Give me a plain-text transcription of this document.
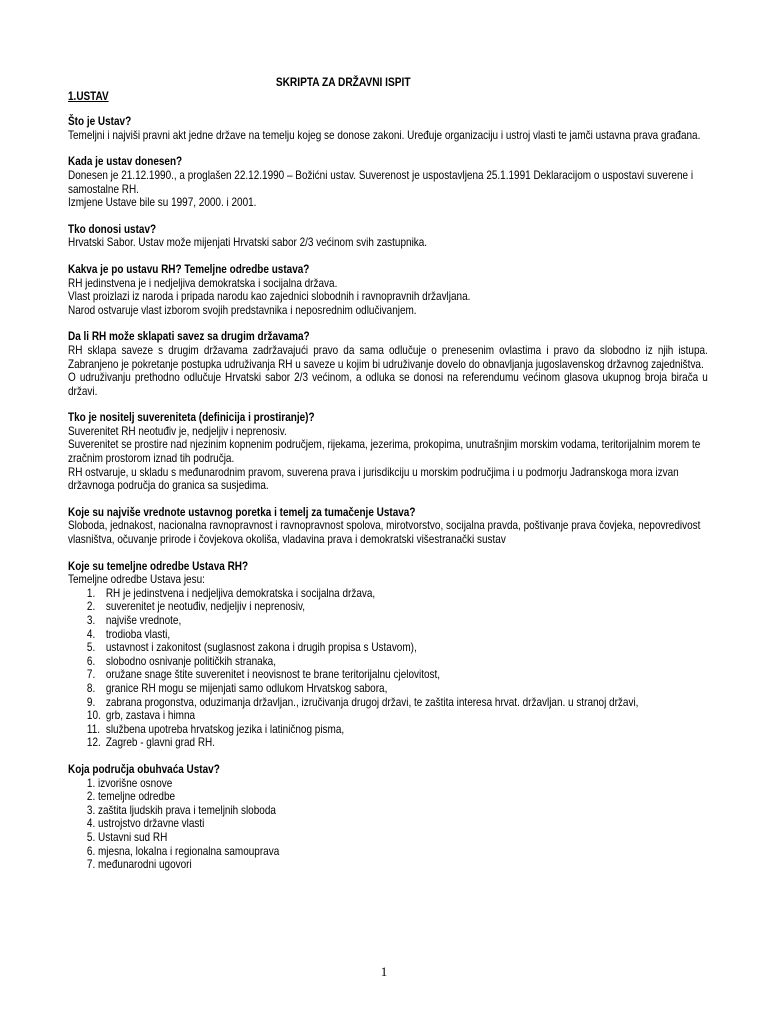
SKRIPTA ZA DRŽAVNI ISPIT
1.USTAV
Što je Ustav?
Temeljni i najviši pravni akt jedne države na temelju kojeg se donose zakoni. Uređuje organizaciju i ustroj vlasti te jamči ustavna prava građana.
Kada je ustav donesen?
Donesen je 21.12.1990., a proglašen 22.12.1990 – Božićni ustav. Suverenost je uspostavljena 25.1.1991 Deklaracijom o uspostavi suverene i samostalne RH.
Izmjene Ustave bile su 1997, 2000. i 2001.
Tko donosi ustav?
Hrvatski Sabor. Ustav može mijenjati Hrvatski sabor 2/3 većinom svih zastupnika.
Kakva je po ustavu RH? Temeljne odredbe ustava?
RH jedinstvena je i nedjeljiva demokratska i socijalna država.
Vlast proizlazi iz naroda i pripada narodu kao zajednici slobodnih i ravnopravnih državljana.
Narod ostvaruje vlast izborom svojih predstavnika i neposrednim odlučivanjem.
Da li RH može sklapati savez sa drugim državama?
RH sklapa saveze s drugim državama zadržavajući pravo da sama odlučuje o prenesenim ovlastima i pravo da slobodno iz njih istupa. Zabranjeno je pokretanje postupka udruživanja RH u saveze u kojim bi udruživanje dovelo do obnavljanja jugoslavenskog državnog zajedništva.
O udruživanju prethodno odlučuje Hrvatski sabor 2/3 većinom, a odluka se donosi na referendumu većinom glasova ukupnog broja birača u državi.
Tko je nositelj suvereniteta (definicija i prostiranje)?
Suverenitet RH neotuđiv je, nedjeljiv i neprenosiv.
Suverenitet se prostire nad njezinim kopnenim područjem, rijekama, jezerima, prokopima, unutrašnjim morskim vodama, teritorijalnim morem te zračnim prostorom iznad tih područja.
RH ostvaruje, u skladu s međunarodnim pravom, suverena prava i jurisdikciju u morskim područjima i u podmorju Jadranskoga mora izvan državnoga područja do granica sa susjedima.
Koje su najviše vrednote ustavnog poretka i temelj za tumačenje Ustava?
Sloboda, jednakost, nacionalna ravnopravnost i ravnopravnost spolova, mirotvorstvo, socijalna pravda, poštivanje prava čovjeka, nepovredivost vlasništva, očuvanje prirode i čovjekova okoliša, vladavina prava i demokratski višestranački sustav
Koje su temeljne odredbe Ustava RH?
Temeljne odredbe Ustava jesu:
1. RH je jedinstvena i nedjeljiva demokratska i socijalna država,
2. suverenitet je neotuđiv, nedjeljiv i neprenosiv,
3. najviše vrednote,
4. trodioba vlasti,
5. ustavnost i zakonitost (suglasnost zakona i drugih propisa s Ustavom),
6. slobodno osnivanje političkih stranaka,
7. oružane snage štite suverenitet i neovisnost te brane teritorijalnu cjelovitost,
8. granice RH mogu se mijenjati samo odlukom Hrvatskog sabora,
9. zabrana progonstva, oduzimanja državljan., izručivanja drugoj državi, te zaštita interesa hrvat. državljan. u stranoj državi,
10. grb, zastava i himna
11. službena upotreba hrvatskog jezika i latiničnog pisma,
12. Zagreb - glavni grad RH.
Koja područja obuhvaća Ustav?
1. izvorišne osnove
2. temeljne odredbe
3. zaštita ljudskih prava i temeljnih sloboda
4. ustrojstvo državne vlasti
5. Ustavni sud RH
6. mjesna, lokalna i regionalna samouprava
7. međunarodni ugovori
1
